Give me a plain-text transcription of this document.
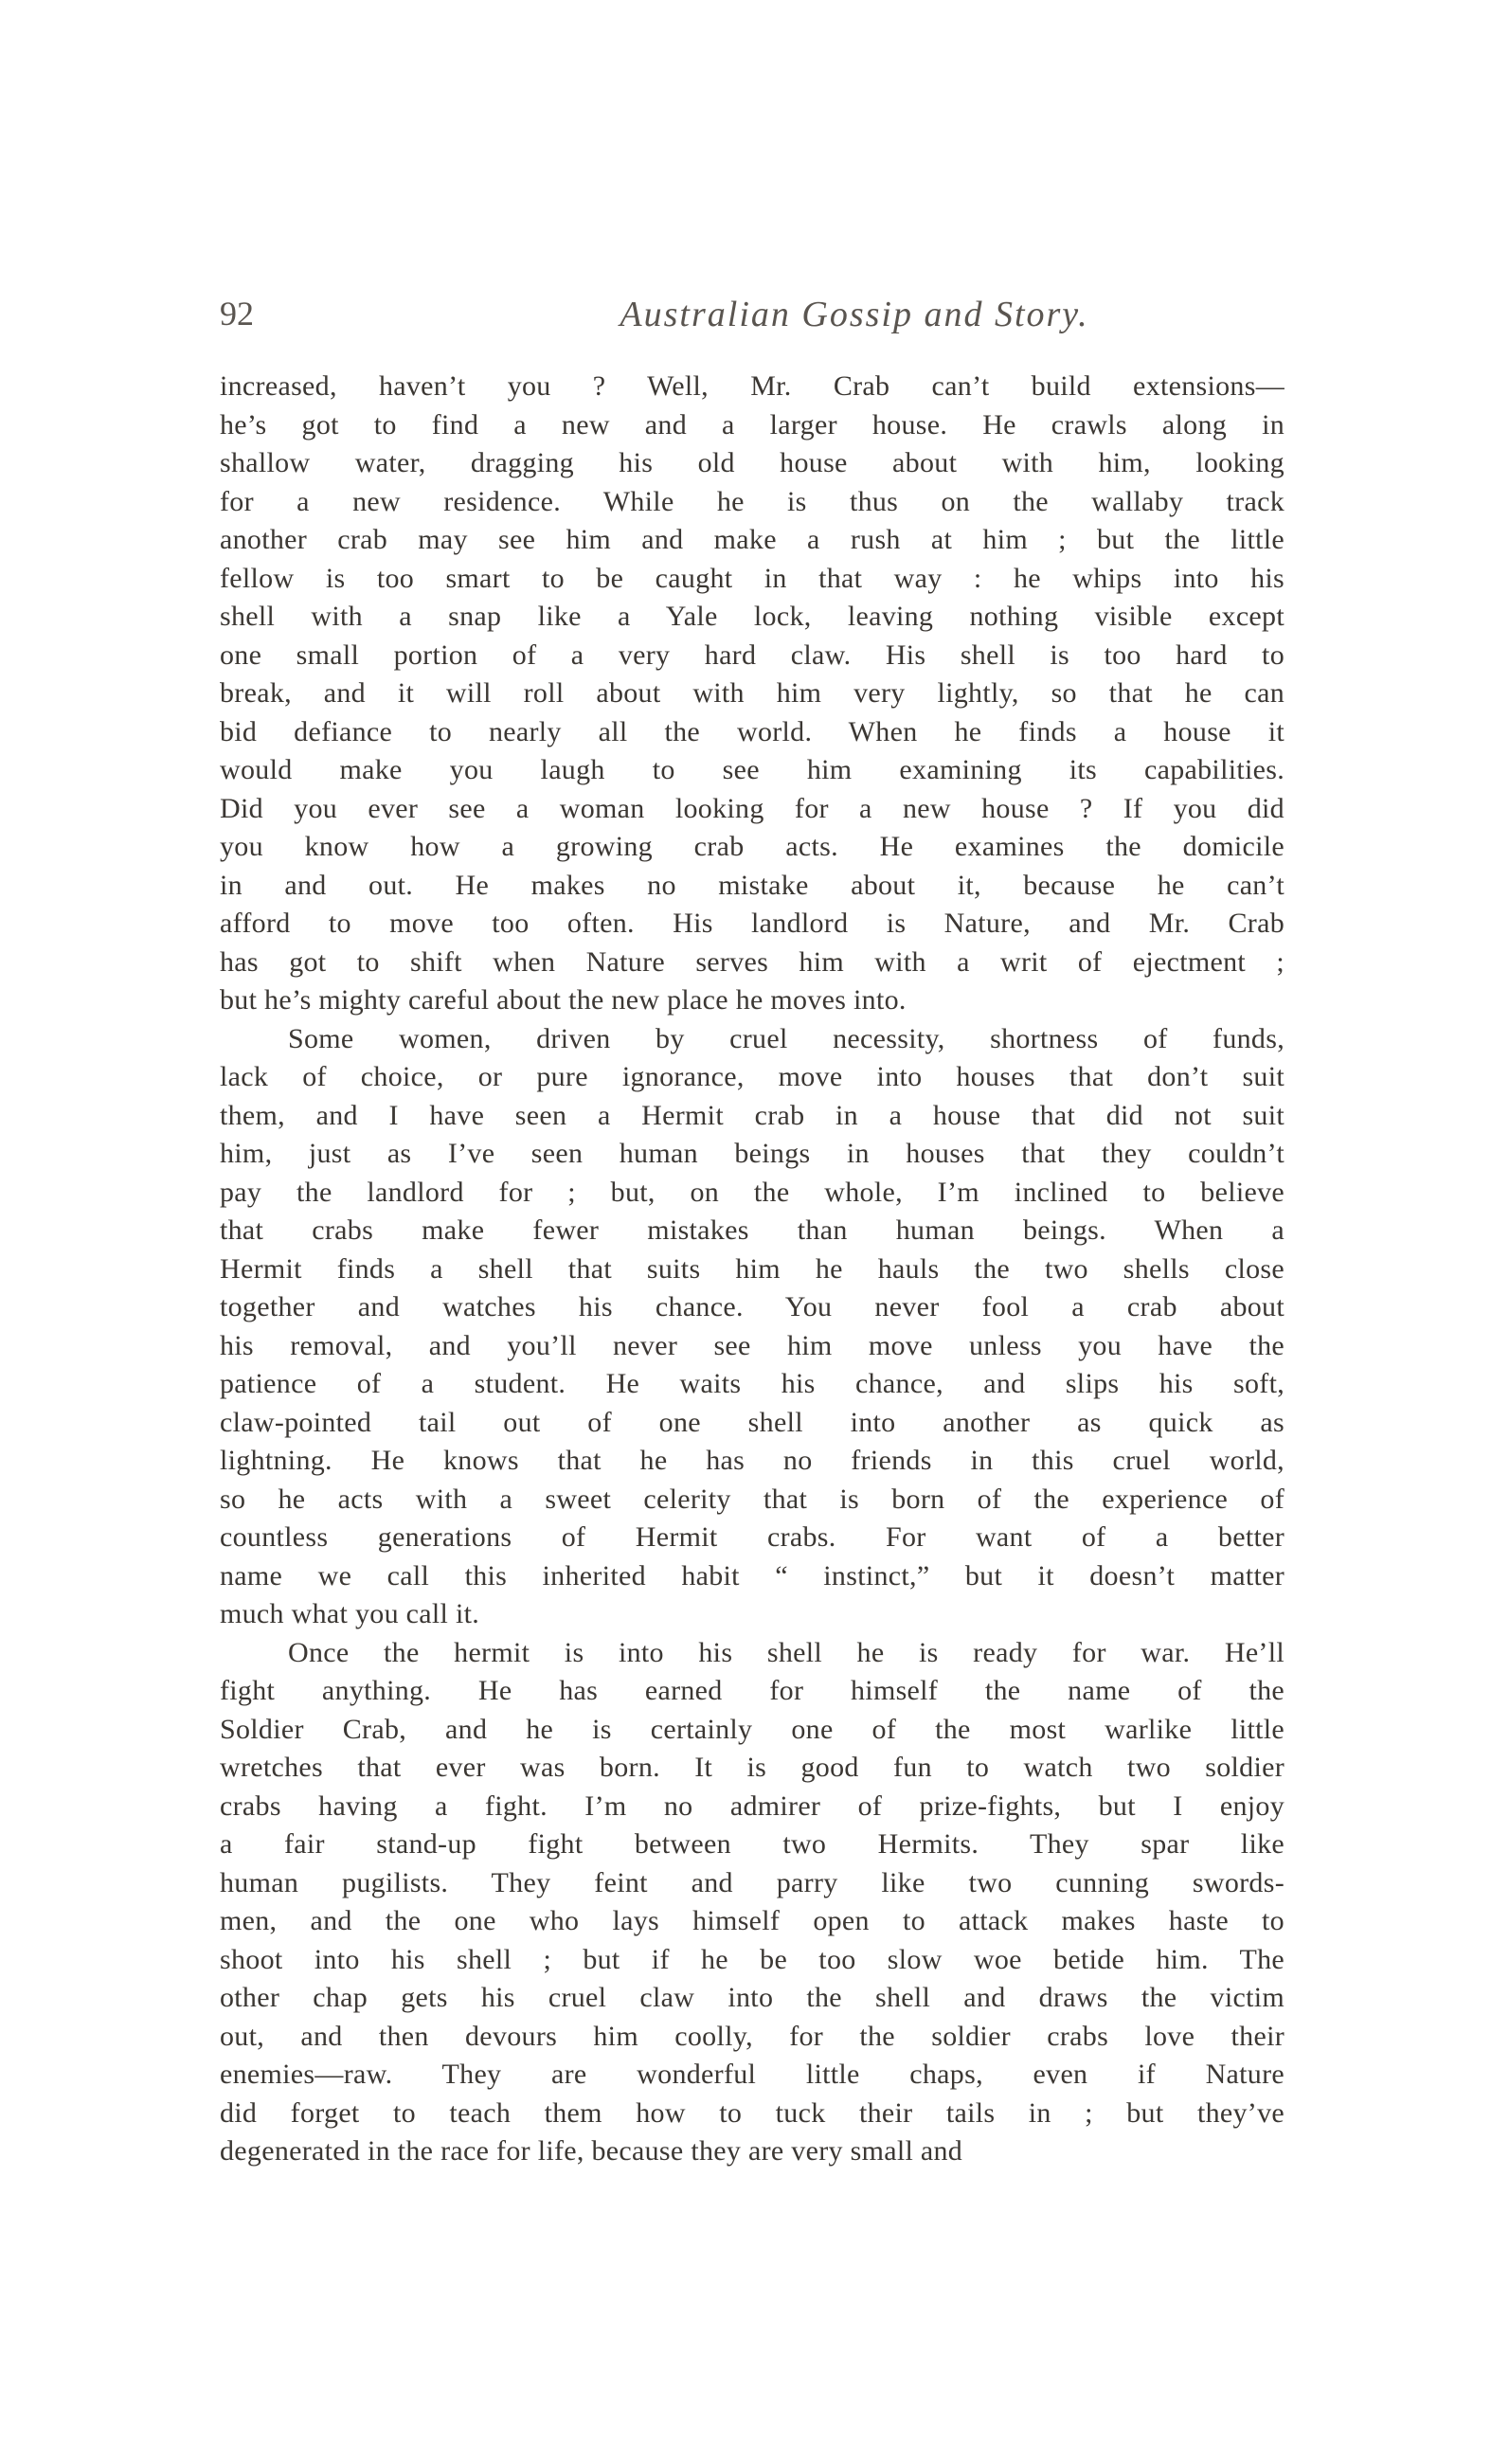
92	Australian Gossip and Story.
increased, haven’t you ? Well, Mr. Crab can’t build extensions—
he’s got to find a new and a larger house. He crawls along in
shallow water, dragging his old house about with him, looking
for a new residence. While he is thus on the wallaby track
another crab may see him and make a rush at him ; but the little
fellow is too smart to be caught in that way : he whips into his
shell with a snap like a Yale lock, leaving nothing visible except
one small portion of a very hard claw. His shell is too hard to
break, and it will roll about with him very lightly, so that he can
bid defiance to nearly all the world. When he finds a house it
would make you laugh to see him examining its capabilities.
Did you ever see a woman looking for a new house ? If you did
you know how a growing crab acts. He examines the domicile
in and out. He makes no mistake about it, because he can’t
afford to move too often. His landlord is Nature, and Mr. Crab
has got to shift when Nature serves him with a writ of ejectment ;
but he’s mighty careful about the new place he moves into.
Some women, driven by cruel necessity, shortness of funds,
lack of choice, or pure ignorance, move into houses that don’t suit
them, and I have seen a Hermit crab in a house that did not suit
him, just as I’ve seen human beings in houses that they couldn’t
pay the landlord for ; but, on the whole, I’m inclined to believe
that crabs make fewer mistakes than human beings. When a
Hermit finds a shell that suits him he hauls the two shells close
together and watches his chance. You never fool a crab about
his removal, and you’ll never see him move unless you have the
patience of a student. He waits his chance, and slips his soft,
claw-pointed tail out of one shell into another as quick as
lightning. He knows that he has no friends in this cruel world,
so he acts with a sweet celerity that is born of the experience of
countless generations of Hermit crabs. For want of a better
name we call this inherited habit “ instinct,” but it doesn’t matter
much what you call it.
Once the hermit is into his shell he is ready for war. He’ll
fight anything. He has earned for himself the name of the
Soldier Crab, and he is certainly one of the most warlike little
wretches that ever was born. It is good fun to watch two soldier
crabs having a fight. I’m no admirer of prize-fights, but I enjoy
a fair stand-up fight between two Hermits. They spar like
human pugilists. They feint and parry like two cunning swords-
men, and the one who lays himself open to attack makes haste to
shoot into his shell ; but if he be too slow woe betide him. The
other chap gets his cruel claw into the shell and draws the victim
out, and then devours him coolly, for the soldier crabs love their
enemies—raw. They are wonderful little chaps, even if Nature
did forget to teach them how to tuck their tails in ; but they’ve
degenerated in the race for life, because they are very small and
